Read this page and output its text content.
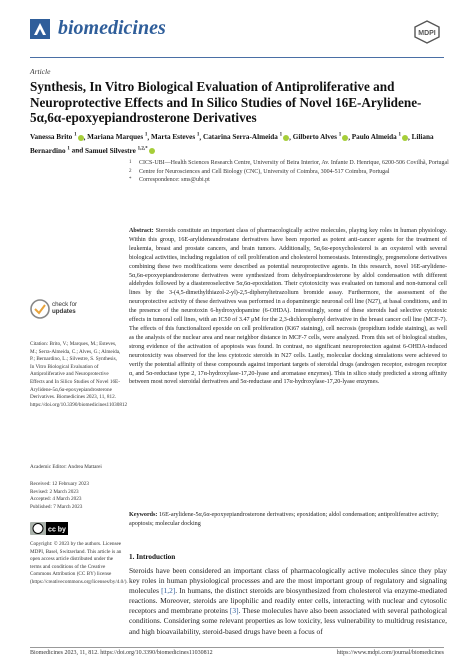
biomedicines	MDPI
Article
Synthesis, In Vitro Biological Evaluation of Antiproliferative and Neuroprotective Effects and In Silico Studies of Novel 16E-Arylidene-5α,6α-epoxyepiandrosterone Derivatives
Vanessa Brito $^1$ , Mariana Marques $^1$, Marta Esteves $^1$, Catarina Serra-Almeida $^1$ , Gilberto Alves $^1$ , Paulo Almeida $^1$ , Liliana Bernardino $^1$ and Samuel Silvestre $^{1,2,*}$
1	CICS-UBI—Health Sciences Research Centre, University of Beira Interior, Av. Infante D. Henrique, 6200-506 Covilhã, Portugal
2	Centre for Neurosciences and Cell Biology (CNC), University of Coimbra, 3004-517 Coimbra, Portugal
*	Correspondence: sms@ubi.pt
Abstract: Steroids constitute an important class of pharmacologically active molecules, playing key roles in human physiology. Within this group, 16E-arylideneandrostane derivatives have been reported as potent anti-cancer agents for the treatment of leukemia, breast and prostate cancers, and brain tumors. Additionally, 5α,6α-epoxycholesterol is an oxysterol with several biological activities, including regulation of cell proliferation and cholesterol homeostasis. Interestingly, pregnenolone derivatives combining these two modifications were described as potential neuroprotective agents. In this research, novel 16E-arylidene-5α,6α-epoxyepiandrosterone derivatives were synthesized from dehydroepiandrosterone by aldol condensation with different aldehydes followed by a diastereoselective 5α,6α-epoxidation. Their cytotoxicity was evaluated on tumoral and non-tumoral cell lines by the 3-(4,5-dimethylthiazol-2-yl)-2,5-diphenyltetrazolium bromide assay. Furthermore, the assessment of the neuroprotective activity of these derivatives was performed in a dopaminergic neuronal cell line (N27), at basal conditions, and in the presence of the neurotoxin 6-hydroxydopamine (6-OHDA). Interestingly, some of these steroids had selective cytotoxic effects in tumoral cell lines, with an IC50 of 3.47 μM for the 2,3-dichlorophenyl derivative in the breast cancer cell line (MCF-7). The effects of this functionalized epoxide on cell proliferation (Ki67 staining), cell necrosis (propidium iodide staining), as well as the analysis of the nuclear area and near neighbor distance in MCF-7 cells, were analyzed. From this set of biological studies, strong evidence of the activation of apoptosis was found. In contrast, no significant neuroprotection against 6-OHDA-induced neurotoxicity was observed for the less cytotoxic steroids in N27 cells. Lastly, molecular docking simulations were achieved to verify the potential affinity of these compounds against important targets of steroidal drugs (androgen receptor, estrogen receptor α, and 5α-reductase type 2, 17α-hydroxylase-17,20-lyase and aromatase enzymes). This in silico study predicted a strong affinity between most novel steroidal derivatives and 5α-reductase and 17α-hydroxylase-17,20-lyase enzymes.
Keywords: 16E-arylidene-5α,6α-epoxyepiandrosterone derivatives; epoxidation; aldol condensation; antiproliferative activity; apoptosis; molecular docking
check for
updates
Citation: Brito, V.; Marques, M.; Esteves, M.; Serra-Almeida, C.; Alves, G.; Almeida, P.; Bernardino, L.; Silvestre, S. Synthesis, In Vitro Biological Evaluation of Antiproliferative and Neuroprotective Effects and In Silico Studies of Novel 16E-Arylidene-5α,6α-epoxyepiandrosterone Derivatives. Biomedicines 2023, 11, 812. https://doi.org/10.3390/biomedicines11030812
Academic Editor: Andrea Mattarei
Received: 12 February 2023
Revised: 2 March 2023
Accepted: 4 March 2023
Published: 7 March 2023
cc by
Copyright: © 2023 by the authors. Licensee MDPI, Basel, Switzerland. This article is an open access article distributed under the terms and conditions of the Creative Commons Attribution (CC BY) license (https://creativecommons.org/licenses/by/4.0/).
1. Introduction
Steroids have been considered an important class of pharmacologically active molecules since they play key roles in human physiological processes and are the most important group of regulatory and signaling molecules [1,2]. In humans, the distinct steroids are biosynthesized from cholesterol via enzyme-mediated reactions. Moreover, steroids are lipophilic and readily enter cells, interacting with nuclear and cytosolic receptors and membrane proteins [3]. These molecules have also been associated with several pathological conditions. Considering some relevant properties as low toxicity, less vulnerability to multidrug resistance, and high bioavailability, steroid-based drugs have been a focus of
Biomedicines 2023, 11, 812. https://doi.org/10.3390/biomedicines11030812	https://www.mdpi.com/journal/biomedicines
